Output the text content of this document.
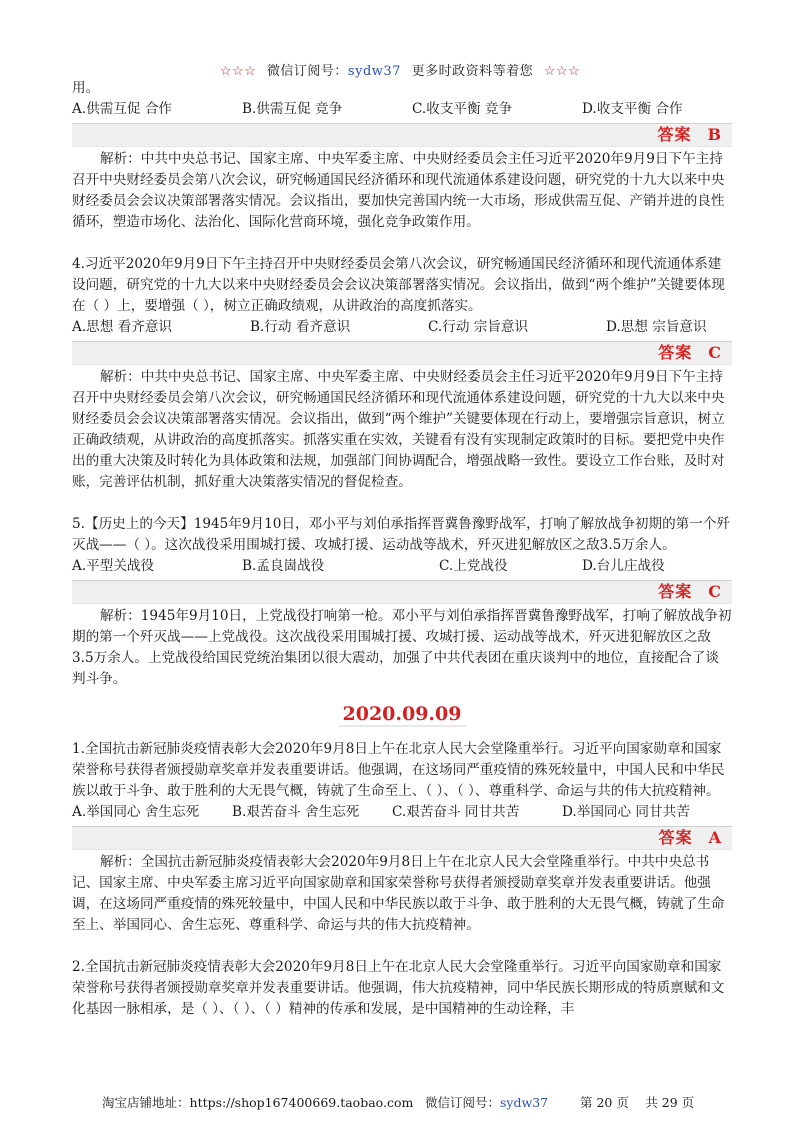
☆☆☆ 微信订阅号：sydw37 更多时政资料等着您 ☆☆☆

用。

A.供需互促 合作	B.供需互促 竞争	C.收支平衡 竞争	D.收支平衡 合作
答案 B

解析：中共中央总书记、国家主席、中央军委主席、中央财经委员会主任习近平2020年9月9日下午主持召开中央财经委员会第八次会议，研究畅通国民经济循环和现代流通体系建设问题，研究党的十九大以来中央财经委员会会议决策部署落实情况。会议指出，要加快完善国内统一大市场，形成供需互促、产销并进的良性循环，塑造市场化、法治化、国际化营商环境，强化竞争政策作用。

4.习近平2020年9月9日下午主持召开中央财经委员会第八次会议，研究畅通国民经济循环和现代流通体系建设问题，研究党的十九大以来中央财经委员会会议决策部署落实情况。会议指出，做到“两个维护”关键要体现在（ ）上，要增强（ ），树立正确政绩观，从讲政治的高度抓落实。

A.思想 看齐意识	B.行动 看齐意识	C.行动 宗旨意识	D.思想 宗旨意识
答案 C

解析：中共中央总书记、国家主席、中央军委主席、中央财经委员会主任习近平2020年9月9日下午主持召开中央财经委员会第八次会议，研究畅通国民经济循环和现代流通体系建设问题，研究党的十九大以来中央财经委员会会议决策部署落实情况。会议指出，做到“两个维护”关键要体现在行动上，要增强宗旨意识，树立正确政绩观，从讲政治的高度抓落实。抓落实重在实效，关键看有没有实现制定政策时的目标。要把党中央作出的重大决策及时转化为具体政策和法规，加强部门间协调配合，增强战略一致性。要设立工作台账，及时对账，完善评估机制，抓好重大决策落实情况的督促检查。

5.【历史上的今天】1945年9月10日，邓小平与刘伯承指挥晋冀鲁豫野战军，打响了解放战争初期的第一个歼灭战——（ ）。这次战役采用围城打援、攻城打援、运动战等战术，歼灭进犯解放区之敌3.5万余人。

A.平型关战役	B.孟良崮战役	C.上党战役	D.台儿庄战役
答案 C

解析：1945年9月10日，上党战役打响第一枪。邓小平与刘伯承指挥晋冀鲁豫野战军，打响了解放战争初期的第一个歼灭战——上党战役。这次战役采用围城打援、攻城打援、运动战等战术，歼灭进犯解放区之敌3.5万余人。上党战役给国民党统治集团以很大震动，加强了中共代表团在重庆谈判中的地位，直接配合了谈判斗争。

2020.09.09

1.全国抗击新冠肺炎疫情表彰大会2020年9月8日上午在北京人民大会堂隆重举行。习近平向国家勋章和国家荣誉称号获得者颁授勋章奖章并发表重要讲话。他强调，在这场同严重疫情的殊死较量中，中国人民和中华民族以敢于斗争、敢于胜利的大无畏气概，铸就了生命至上、（ ）、（ ）、尊重科学、命运与共的伟大抗疫精神。

A.举国同心 舍生忘死	B.艰苦奋斗 舍生忘死	C.艰苦奋斗 同甘共苦	D.举国同心 同甘共苦
答案 A

解析：全国抗击新冠肺炎疫情表彰大会2020年9月8日上午在北京人民大会堂隆重举行。中共中央总书记、国家主席、中央军委主席习近平向国家勋章和国家荣誉称号获得者颁授勋章奖章并发表重要讲话。他强调，在这场同严重疫情的殊死较量中，中国人民和中华民族以敢于斗争、敢于胜利的大无畏气概，铸就了生命至上、举国同心、舍生忘死、尊重科学、命运与共的伟大抗疫精神。

2.全国抗击新冠肺炎疫情表彰大会2020年9月8日上午在北京人民大会堂隆重举行。习近平向国家勋章和国家荣誉称号获得者颁授勋章奖章并发表重要讲话。他强调，伟大抗疫精神，同中华民族长期形成的特质禀赋和文化基因一脉相承，是（ ）、（ ）、（ ）精神的传承和发展，是中国精神的生动诠释，丰

淘宝店铺地址：https://shop167400669.taobao.com 微信订阅号：sydw37	第 20 页　 共 29 页
